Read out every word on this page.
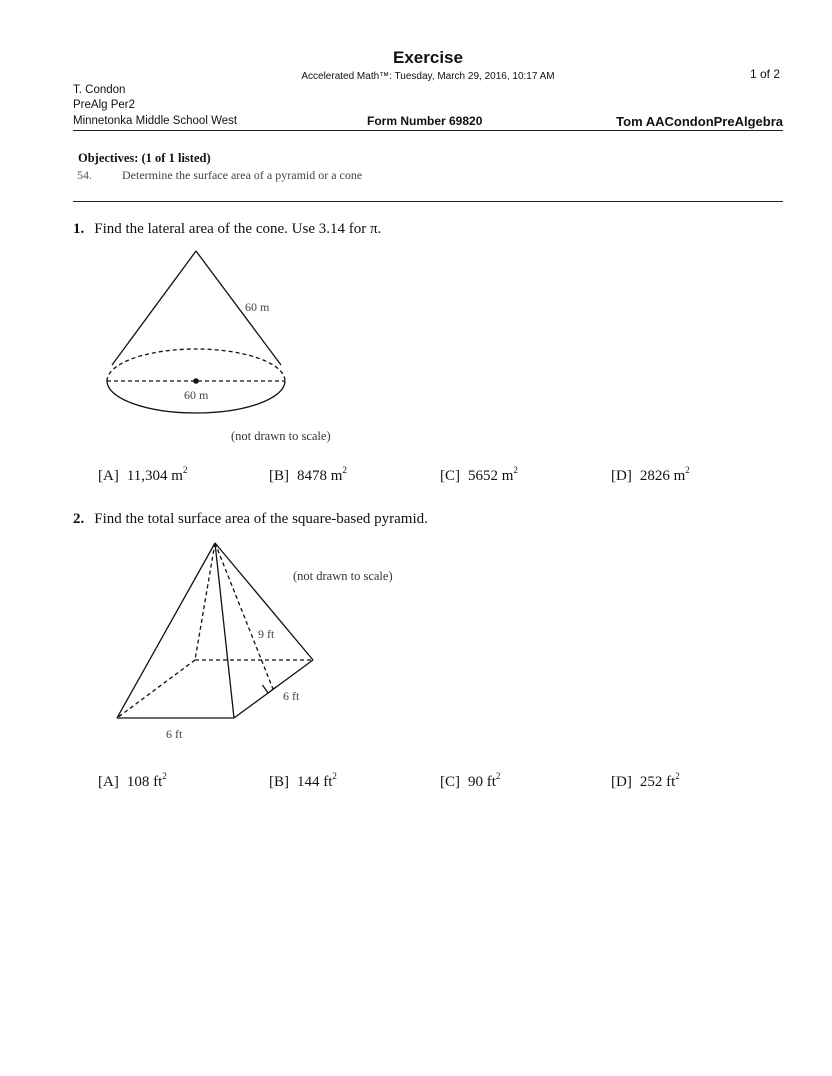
Exercise
Accelerated Math™: Tuesday, March 29, 2016, 10:17 AM	1 of 2
T. Condon
PreAlg Per2
Minnetonka Middle School West	Form Number 69820	Tom AACondonPreAlgebra
Objectives: (1 of 1 listed)
54.	Determine the surface area of a pyramid or a cone
1. Find the lateral area of the cone. Use 3.14 for π.
60 m
60 m
9 ft
6 ft
6 ft
(not drawn to scale)
[A] 11,304 $m^2$	[B] 8478 $m^2$	[C] 5652 $m^2$	[D] 2826 $m^2$
2. Find the total surface area of the square-based pyramid.
(not drawn to scale)
[A] 108 $ft^2$	[B] 144 $ft^2$	[C] 90 $ft^2$	[D] 252 $ft^2$
